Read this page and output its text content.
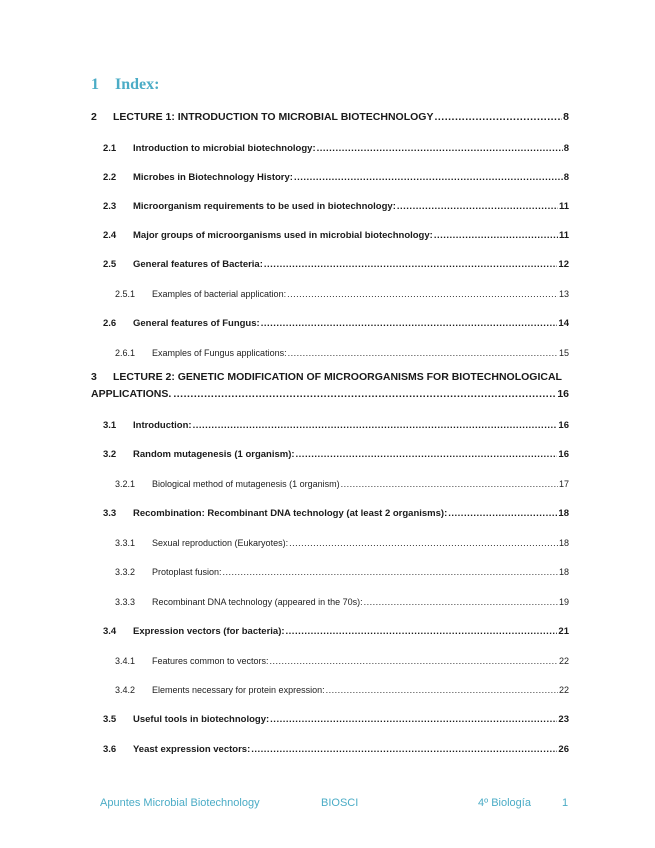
1 Index:
2	LECTURE 1: INTRODUCTION TO MICROBIAL BIOTECHNOLOGY .....	8
2.1	Introduction to microbial biotechnology: .....	8
2.2	Microbes in Biotechnology History: .....	8
2.3	Microorganism requirements to be used in biotechnology: .....	11
2.4	Major groups of microorganisms used in microbial biotechnology: .....	11
2.5	General features of Bacteria: .....	12
2.5.1	Examples of bacterial application: .....	13
2.6	General features of Fungus: .....	14
2.6.1	Examples of Fungus applications: .....	15
3 LECTURE 2: GENETIC MODIFICATION OF MICROORGANISMS FOR BIOTECHNOLOGICAL
APPLICATIONS. .....	16
3.1	Introduction: .....	16
3.2	Random mutagenesis (1 organism): .....	16
3.2.1	Biological method of mutagenesis (1 organism) .....	17
3.3	Recombination: Recombinant DNA technology (at least 2 organisms): .....	18
3.3.1	Sexual reproduction (Eukaryotes): .....	18
3.3.2	Protoplast fusion: .....	18
3.3.3	Recombinant DNA technology (appeared in the 70s): .....	19
3.4	Expression vectors (for bacteria): .....	21
3.4.1	Features common to vectors: .....	22
3.4.2	Elements necessary for protein expression: .....	22
3.5	Useful tools in biotechnology: .....	23
3.6	Yeast expression vectors: .....	26
Apuntes Microbial Biotechnology	BIOSCI	4º Biología	1
